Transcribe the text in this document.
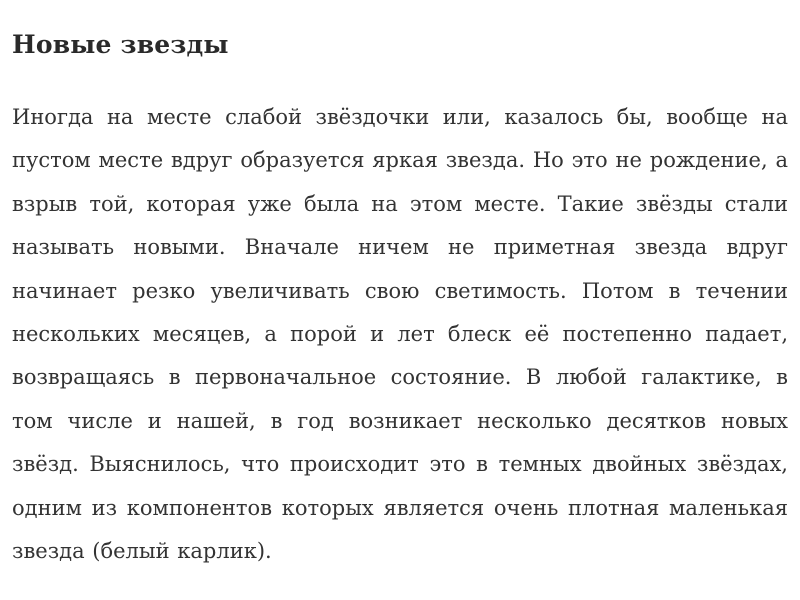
Новые звезды

Иногда на месте слабой звёздочки или, казалось бы, вообще на пустом месте вдруг образуется яркая звезда. Но это не рождение, а взрыв той, которая уже была на этом месте. Такие звёзды стали называть новыми. Вначале ничем не приметная звезда вдруг начинает резко увеличивать свою светимость. Потом в течении нескольких месяцев, а порой и лет блеск её постепенно падает, возвращаясь в первоначальное состояние. В любой галактике, в том числе и нашей, в год возникает несколько десятков новых звёзд. Выяснилось, что происходит это в темных двойных звёздах, одним из компонентов которых является очень плотная маленькая звезда (белый карлик).
